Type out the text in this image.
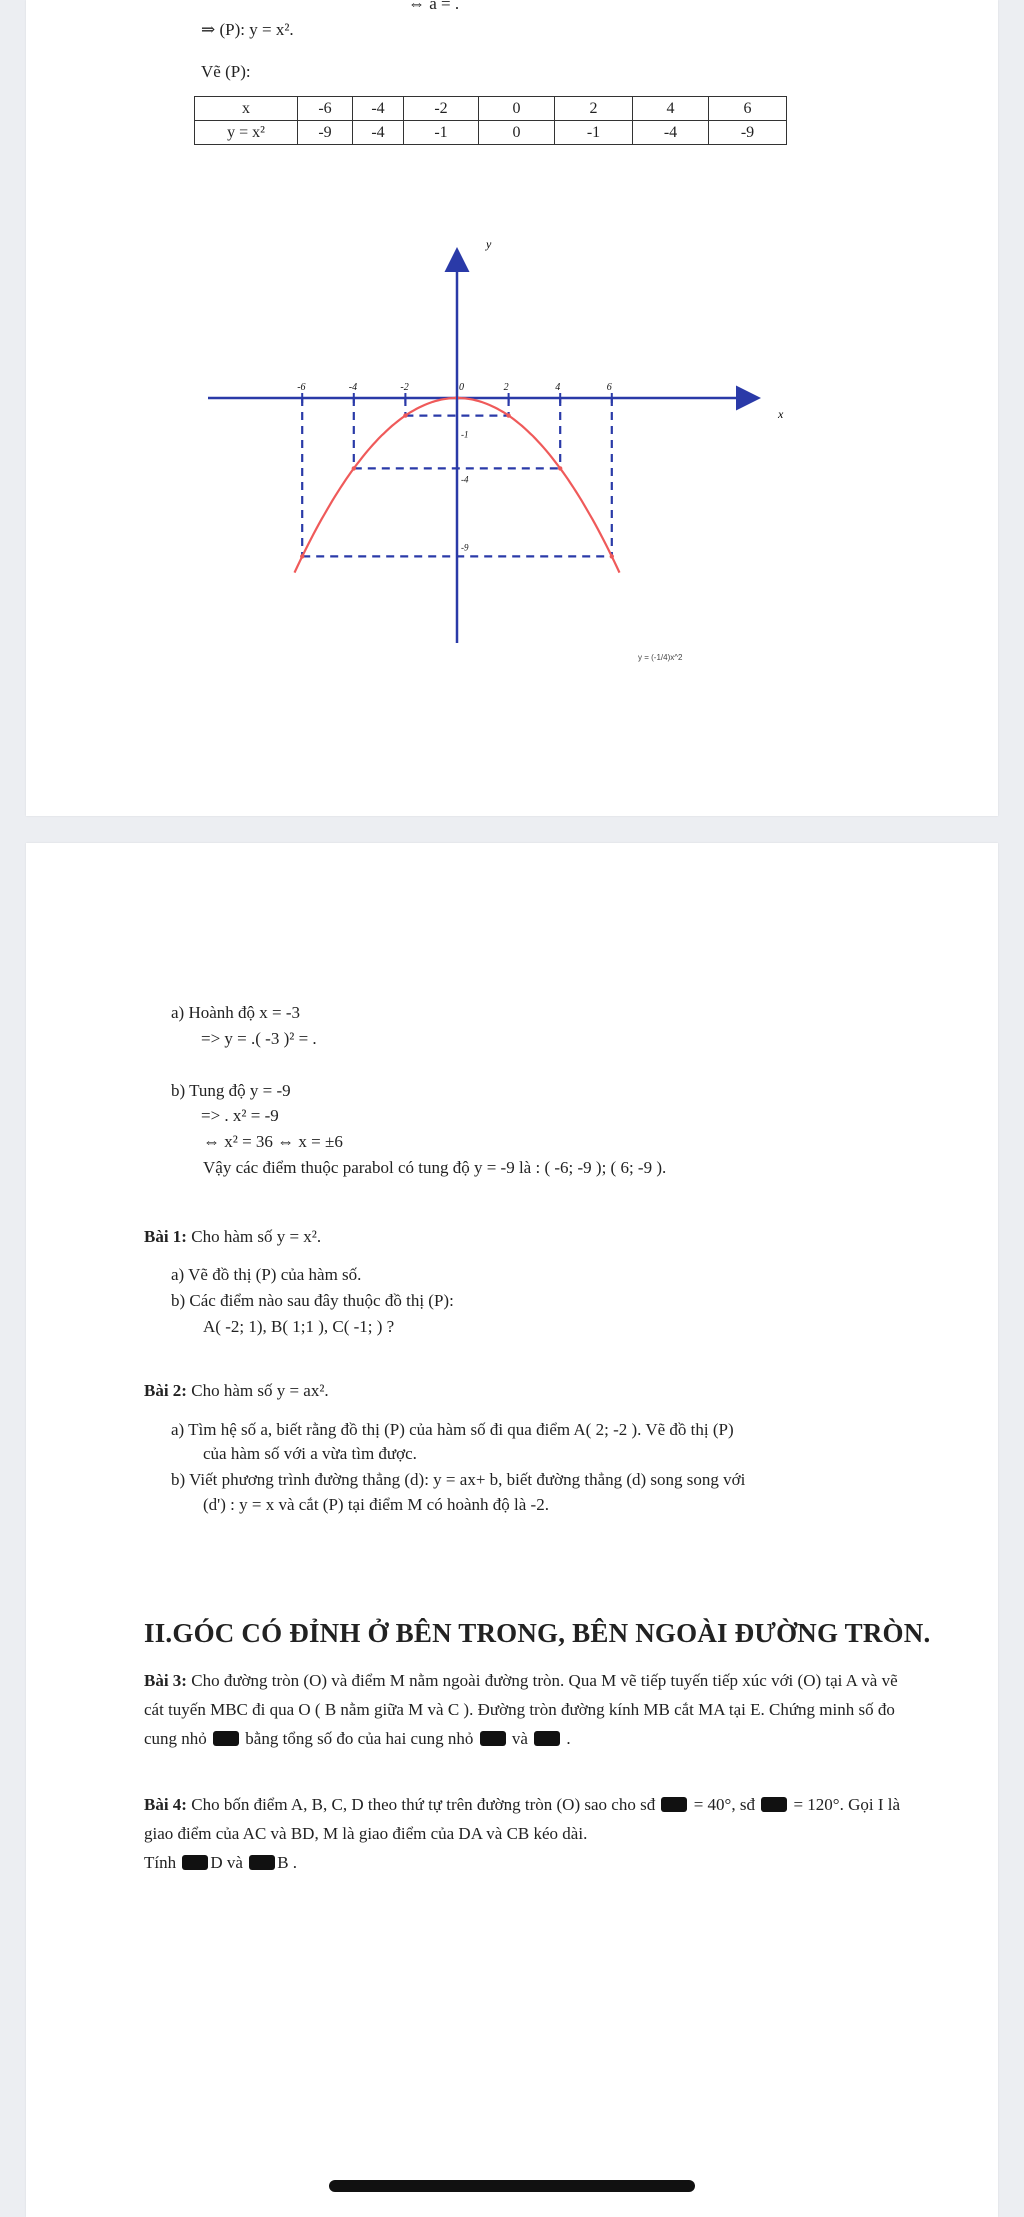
⇔ a = .
⇒ (P): y = x².
Vẽ (P):
x	-6	-4	-2	0	2	4	6
y = x²	-9	-4	-1	0	-1	-4	-9
-6	-4	-2	0	2	4	6
-1
-4
-9
x
y
y = (-1/4)x^2
a) Hoành độ x = -3
=> y = .( -3 )² = .
b) Tung độ y = -9
=> . x² = -9
⇔ x² = 36 ⇔ x = ±6
Vậy các điểm thuộc parabol có tung độ y = -9 là : ( -6; -9 ); ( 6; -9 ).
Bài 1: Cho hàm số y = x².
a) Vẽ đồ thị (P) của hàm số.
b) Các điểm nào sau đây thuộc đồ thị (P):
A( -2; 1), B( 1;1 ), C( -1; ) ?
Bài 2: Cho hàm số y = ax².
a) Tìm hệ số a, biết rằng đồ thị (P) của hàm số đi qua điểm A( 2; -2 ). Vẽ đồ thị (P)
của hàm số với a vừa tìm được.
b) Viết phương trình đường thẳng (d): y = ax+ b, biết đường thẳng (d) song song với
(d') : y = x và cắt (P) tại điểm M có hoành độ là -2.
II.GÓC CÓ ĐỈNH Ở BÊN TRONG, BÊN NGOÀI ĐƯỜNG TRÒN.
Bài 3: Cho đường tròn (O) và điểm M nằm ngoài đường tròn. Qua M vẽ tiếp tuyến tiếp xúc với (O) tại A và vẽ cát tuyến MBC đi qua O ( B nằm giữa M và C ). Đường tròn đường kính MB cắt MA tại E. Chứng minh số đo cung nhỏ  bằng tổng số đo của hai cung nhỏ  và  .
Bài 4: Cho bốn điểm A, B, C, D theo thứ tự trên đường tròn (O) sao cho sđ  = 40°, sđ  = 120°. Gọi I là giao điểm của AC và BD, M là giao điểm của DA và CB kéo dài.
Tính D và B .
